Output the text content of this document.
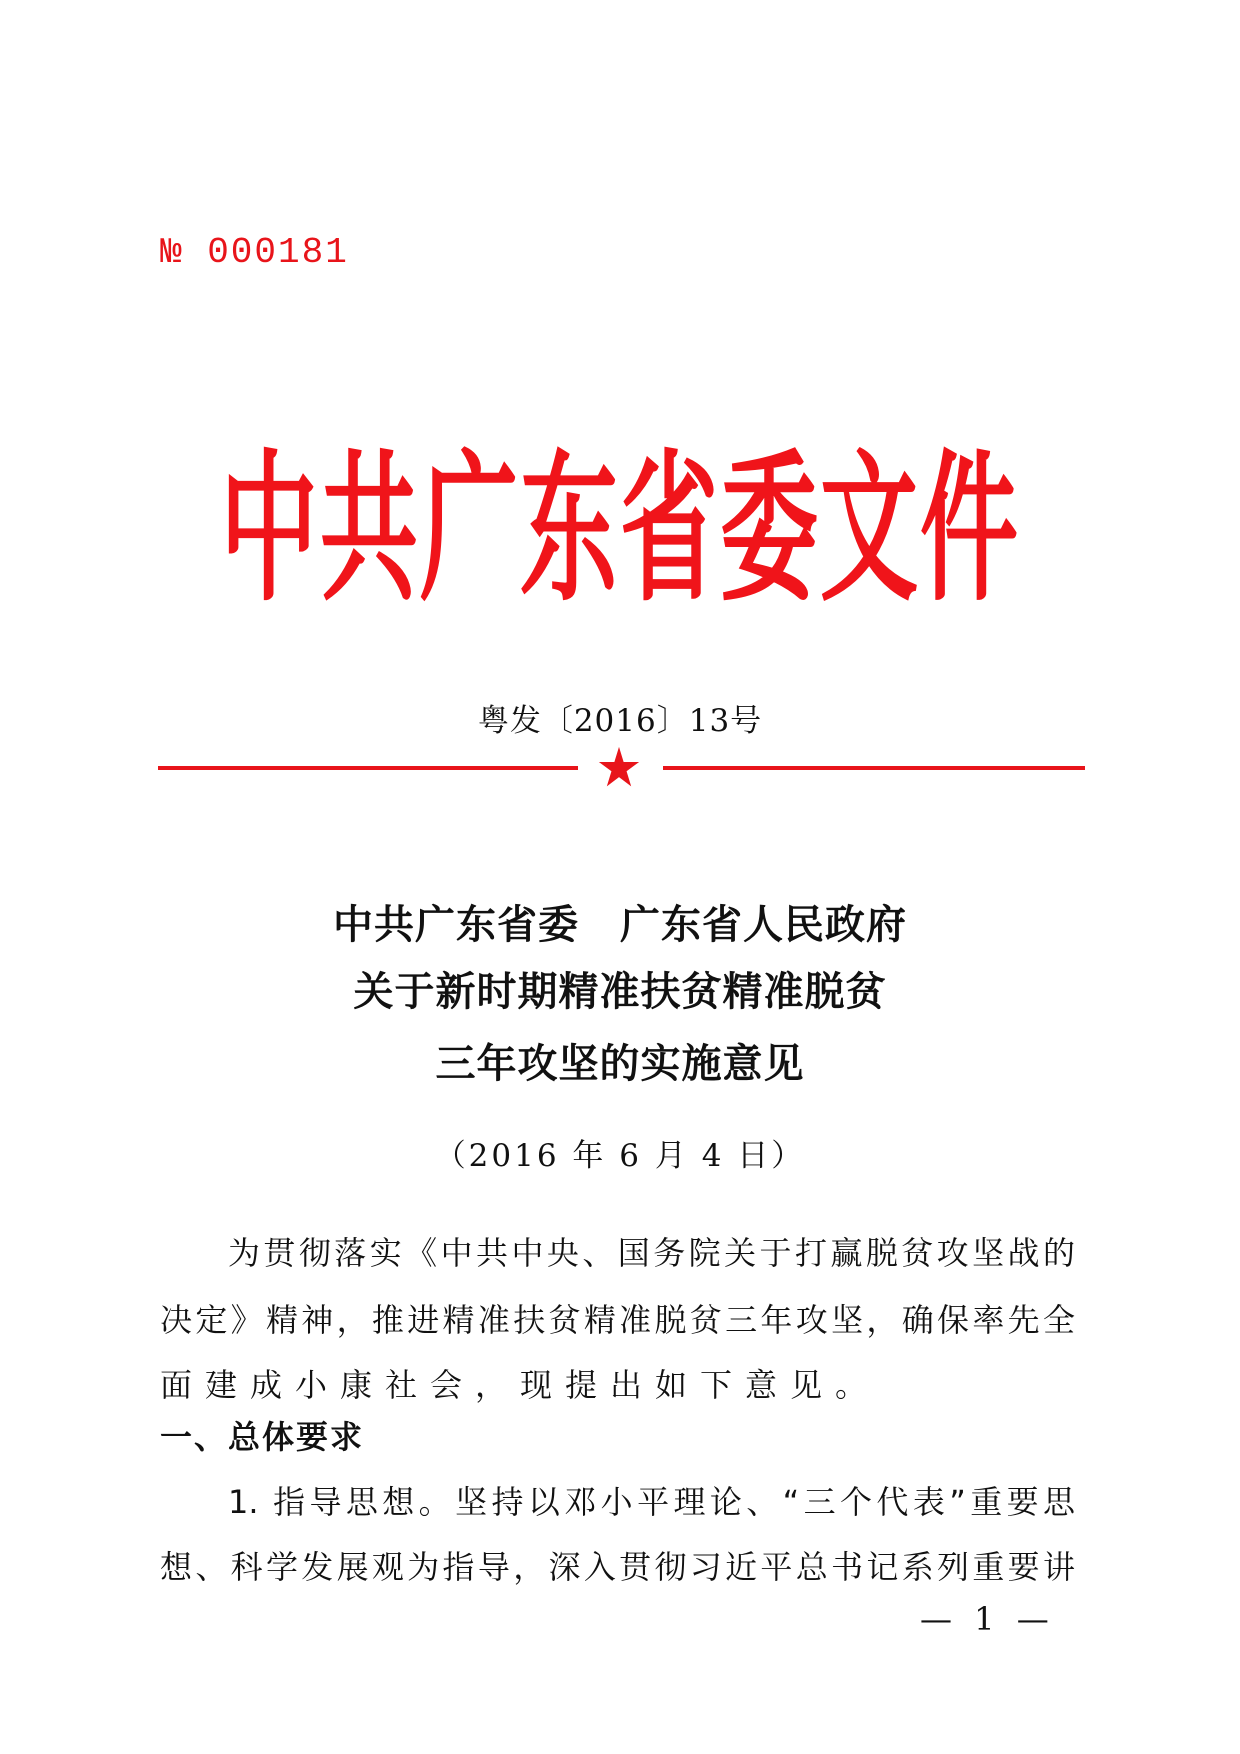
№ 000181
中共广东省委文件
粤发〔2016〕13号
中共广东省委　广东省人民政府
关于新时期精准扶贫精准脱贫
三年攻坚的实施意见
（2016 年 6 月 4 日）
为贯彻落实《中共中央、国务院关于打赢脱贫攻坚战的
决定》精神，推进精准扶贫精准脱贫三年攻坚，确保率先全
面建成小康社会，现提出如下意见。
一、总体要求
1. 指导思想。坚持以邓小平理论、“三个代表”重要思
想、科学发展观为指导，深入贯彻习近平总书记系列重要讲
— 1 —
